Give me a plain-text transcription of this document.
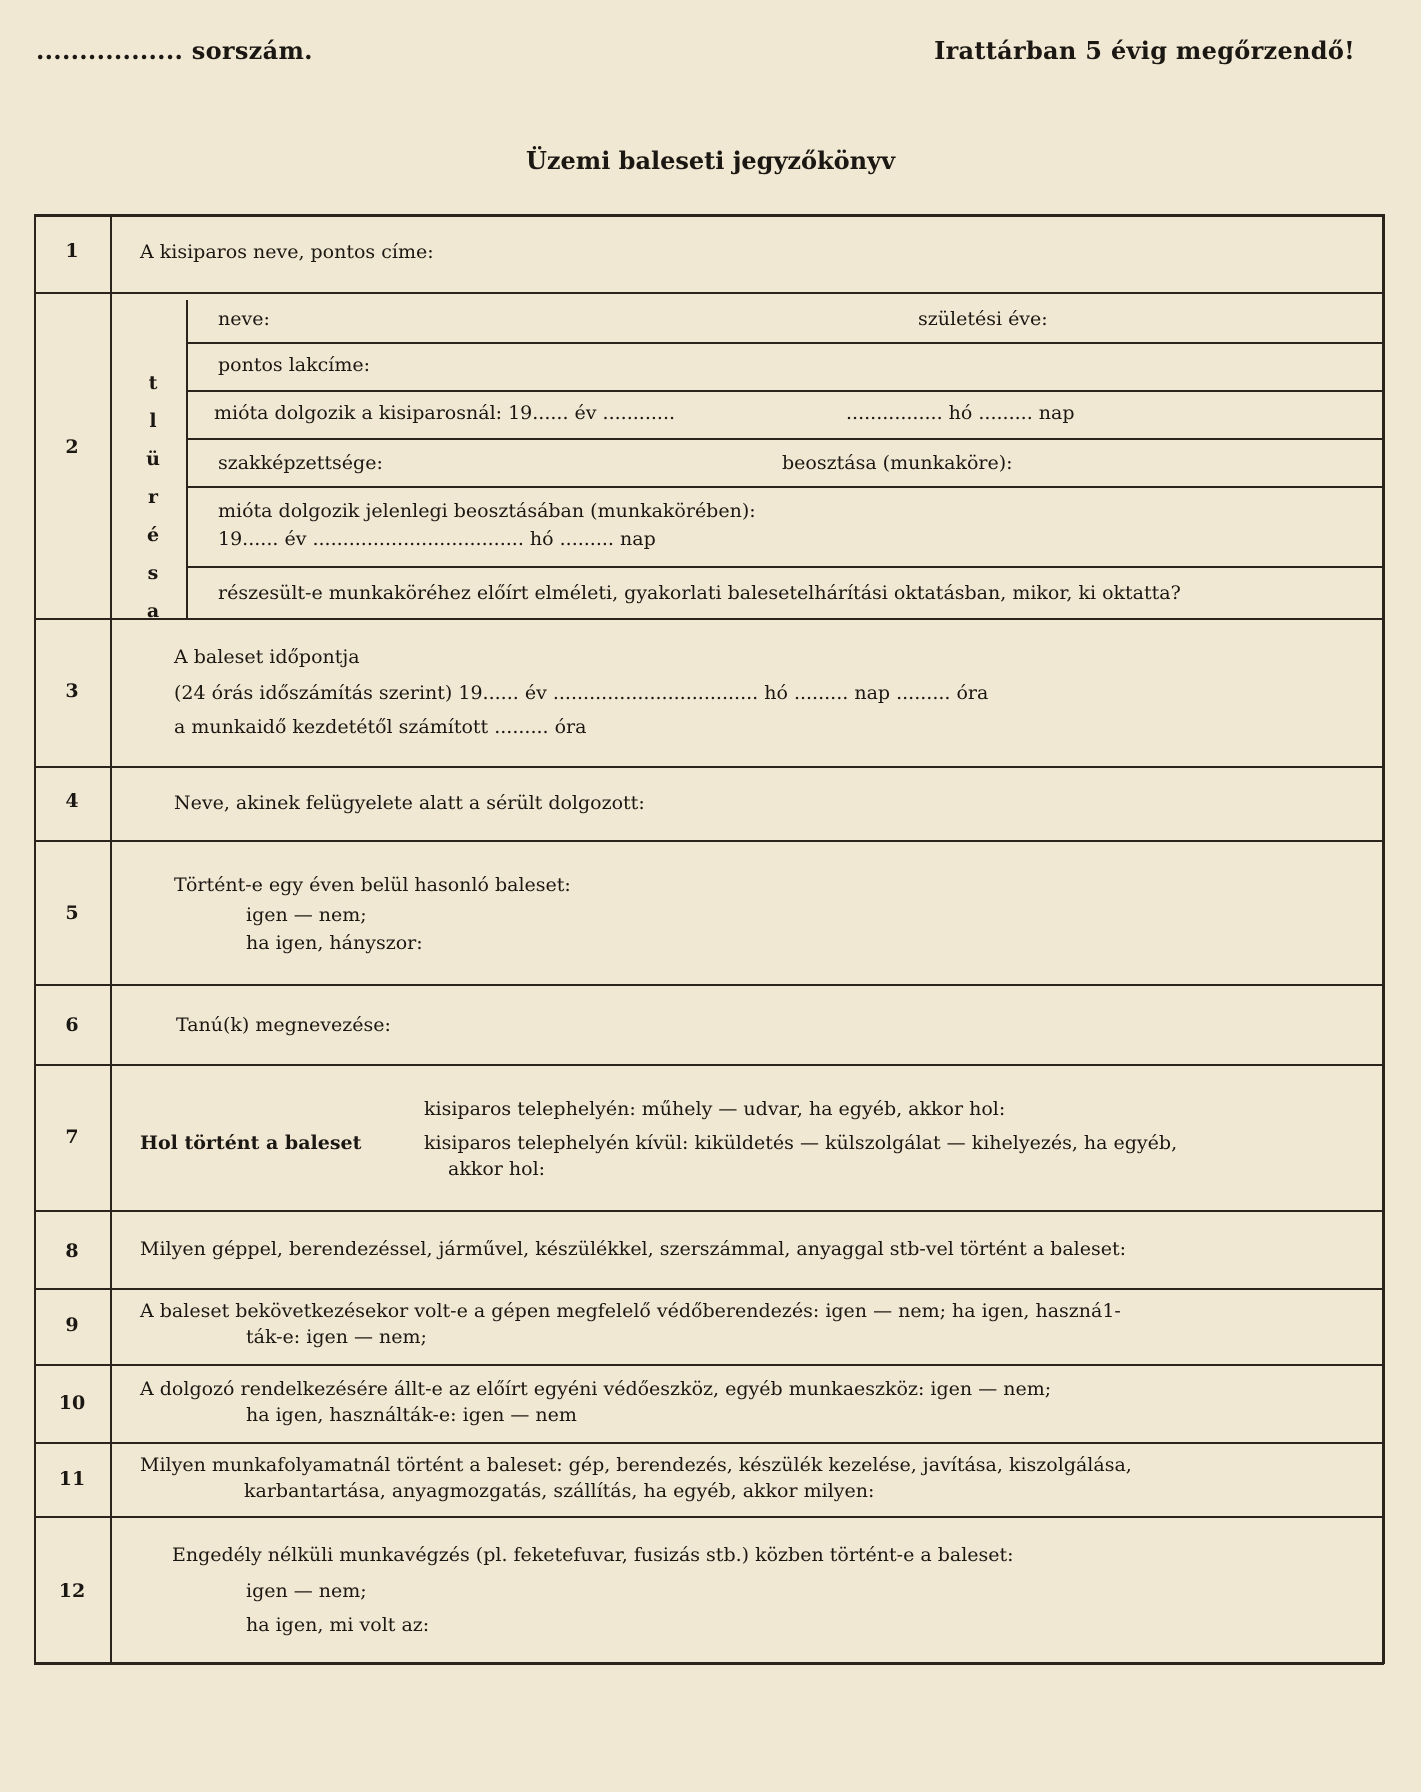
................. sorszám.	Irattárban 5 évig megőrzendő!
Üzemi baleseti jegyzőkönyv
1	A kisiparos neve, pontos címe:
2
t
l
ü
r
é
s
a
neve:	születési éve:
pontos lakcíme:
mióta dolgozik a kisiparosnál: 19...... év ............	................ hó ......... nap
szakképzettsége:	beosztása (munkaköre):
mióta dolgozik jelenlegi beosztásában (munkakörében):
19...... év ................................... hó ......... nap
részesült-e munkaköréhez előírt elméleti, gyakorlati balesetelhárítási oktatásban, mikor, ki oktatta?
3
A baleset időpontja
(24 órás időszámítás szerint) 19...... év .................................. hó ......... nap ......... óra
a munkaidő kezdetétől számított ......... óra
4	Neve, akinek felügyelete alatt a sérült dolgozott:
5
Történt-e egy éven belül hasonló baleset:
igen — nem;
ha igen, hányszor:
6	Tanú(k) megnevezése:
7	Hol történt a baleset
kisiparos telephelyén: műhely — udvar, ha egyéb, akkor hol:
kisiparos telephelyén kívül: kiküldetés — külszolgálat — kihelyezés, ha egyéb,
akkor hol:
8	Milyen géppel, berendezéssel, járművel, készülékkel, szerszámmal, anyaggal stb-vel történt a baleset:
9
A baleset bekövetkezésekor volt-e a gépen megfelelő védőberendezés: igen — nem; ha igen, haszná1-
ták-e: igen — nem;
10
A dolgozó rendelkezésére állt-e az előírt egyéni védőeszköz, egyéb munkaeszköz: igen — nem;
ha igen, használták-e: igen — nem
11
Milyen munkafolyamatnál történt a baleset: gép, berendezés, készülék kezelése, javítása, kiszolgálása,
karbantartása, anyagmozgatás, szállítás, ha egyéb, akkor milyen:
12
Engedély nélküli munkavégzés (pl. feketefuvar, fusizás stb.) közben történt-e a baleset:
igen — nem;
ha igen, mi volt az:
